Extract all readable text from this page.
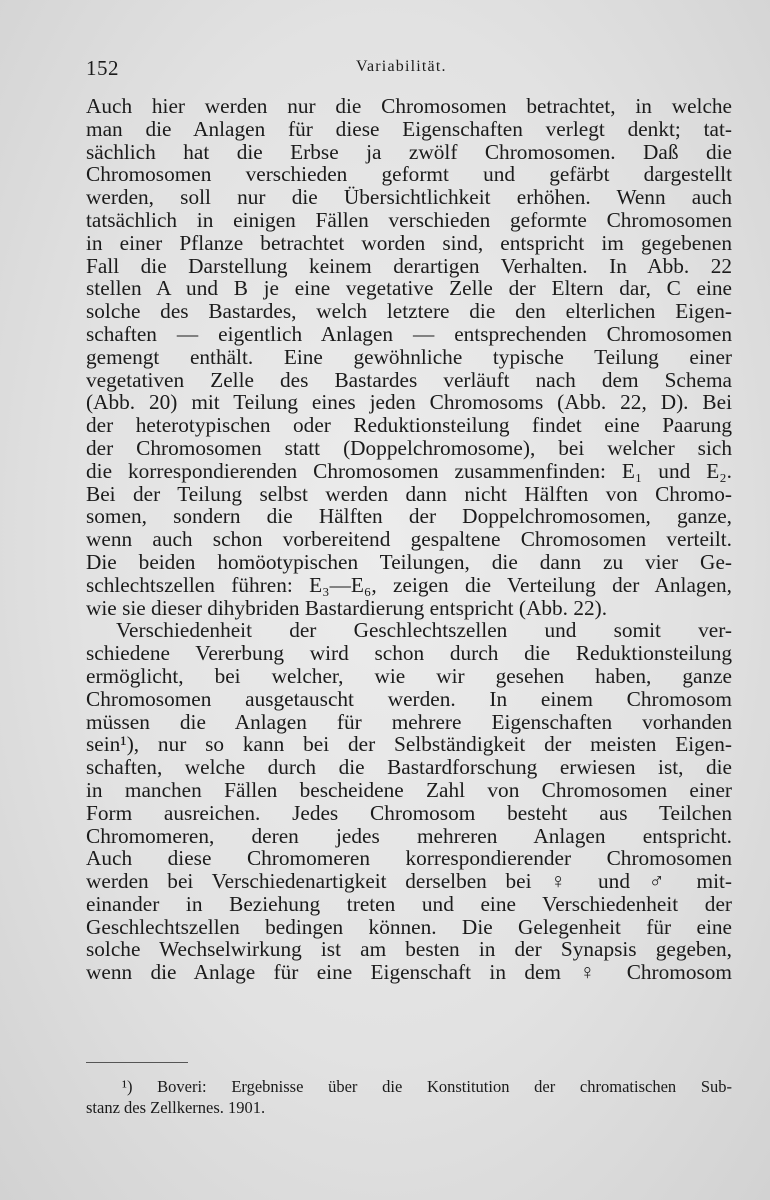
152	Variabilität.
Auch hier werden nur die Chromosomen betrachtet, in welche
man die Anlagen für diese Eigenschaften verlegt denkt; tat-
sächlich hat die Erbse ja zwölf Chromosomen. Daß die
Chromosomen verschieden geformt und gefärbt dargestellt
werden, soll nur die Übersichtlichkeit erhöhen. Wenn auch
tatsächlich in einigen Fällen verschieden geformte Chromosomen
in einer Pflanze betrachtet worden sind, entspricht im gegebenen
Fall die Darstellung keinem derartigen Verhalten. In Abb. 22
stellen A und B je eine vegetative Zelle der Eltern dar, C eine
solche des Bastardes, welch letztere die den elterlichen Eigen-
schaften — eigentlich Anlagen — entsprechenden Chromosomen
gemengt enthält. Eine gewöhnliche typische Teilung einer
vegetativen Zelle des Bastardes verläuft nach dem Schema
(Abb. 20) mit Teilung eines jeden Chromosoms (Abb. 22, D). Bei
der heterotypischen oder Reduktionsteilung findet eine Paarung
der Chromosomen statt (Doppelchromosome), bei welcher sich
die korrespondierenden Chromosomen zusammenfinden: E₁ und E₂.
Bei der Teilung selbst werden dann nicht Hälften von Chromo-
somen, sondern die Hälften der Doppelchromosomen, ganze,
wenn auch schon vorbereitend gespaltene Chromosomen verteilt.
Die beiden homöotypischen Teilungen, die dann zu vier Ge-
schlechtszellen führen: E₃—E₆, zeigen die Verteilung der Anlagen,
wie sie dieser dihybriden Bastardierung entspricht (Abb. 22).
Verschiedenheit der Geschlechtszellen und somit ver-
schiedene Vererbung wird schon durch die Reduktionsteilung
ermöglicht, bei welcher, wie wir gesehen haben, ganze
Chromosomen ausgetauscht werden. In einem Chromosom
müssen die Anlagen für mehrere Eigenschaften vorhanden
sein¹), nur so kann bei der Selbständigkeit der meisten Eigen-
schaften, welche durch die Bastardforschung erwiesen ist, die
in manchen Fällen bescheidene Zahl von Chromosomen einer
Form ausreichen. Jedes Chromosom besteht aus Teilchen
Chromomeren, deren jedes mehreren Anlagen entspricht.
Auch diese Chromomeren korrespondierender Chromosomen
werden bei Verschiedenartigkeit derselben bei ♀ und ♂ mit-
einander in Beziehung treten und eine Verschiedenheit der
Geschlechtszellen bedingen können. Die Gelegenheit für eine
solche Wechselwirkung ist am besten in der Synapsis gegeben,
wenn die Anlage für eine Eigenschaft in dem ♀ Chromosom
¹) Boveri: Ergebnisse über die Konstitution der chromatischen Sub-
stanz des Zellkernes. 1901.
